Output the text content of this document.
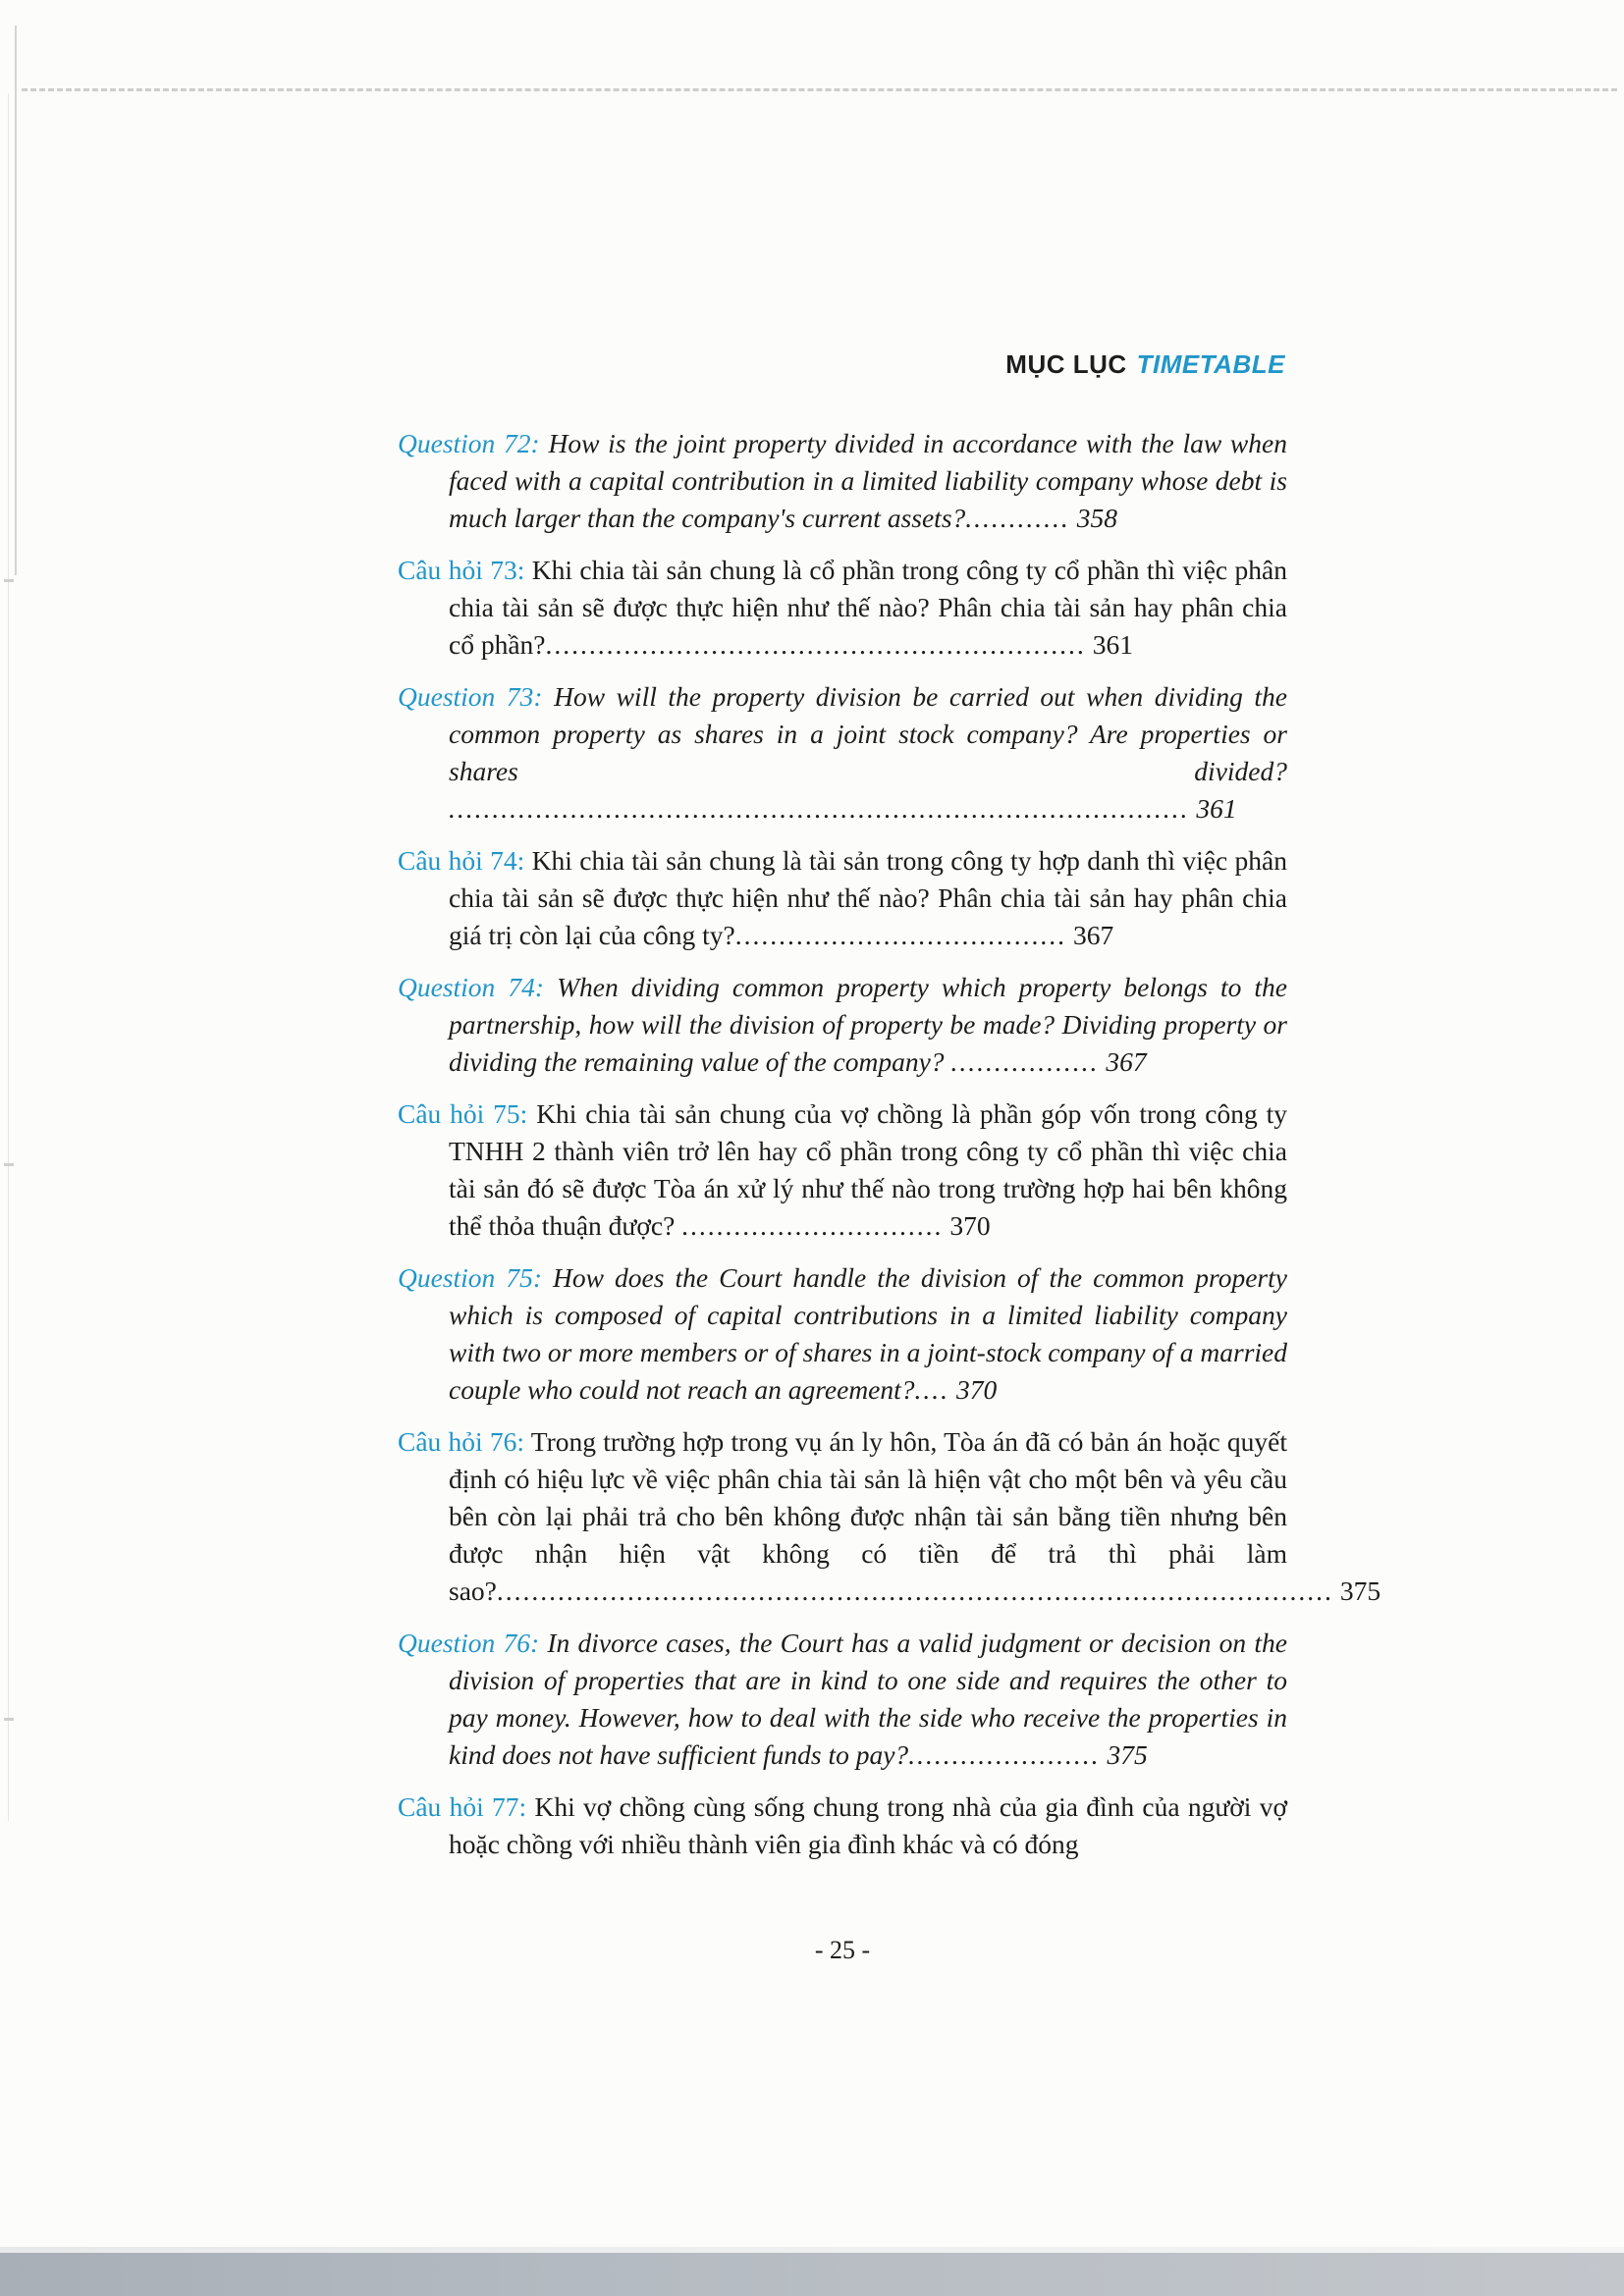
MỤC LỤC TIMETABLE

Question 72: How is the joint property divided in accordance with the law when faced with a capital contribution in a limited liability company whose debt is much larger than the company's current assets?............ 358

Câu hỏi 73: Khi chia tài sản chung là cổ phần trong công ty cổ phần thì việc phân chia tài sản sẽ được thực hiện như thế nào? Phân chia tài sản hay phân chia cổ phần?.............................................................. 361

Question 73: How will the property division be carried out when dividing the common property as shares in a joint stock company? Are properties or shares divided? ..................................................................................... 361

Câu hỏi 74: Khi chia tài sản chung là tài sản trong công ty hợp danh thì việc phân chia tài sản sẽ được thực hiện như thế nào? Phân chia tài sản hay phân chia giá trị còn lại của công ty?...................................... 367

Question 74: When dividing common property which property belongs to the partnership, how will the division of property be made? Dividing property or dividing the remaining value of the company? ................. 367

Câu hỏi 75: Khi chia tài sản chung của vợ chồng là phần góp vốn trong công ty TNHH 2 thành viên trở lên hay cổ phần trong công ty cổ phần thì việc chia tài sản đó sẽ được Tòa án xử lý như thế nào trong trường hợp hai bên không thể thỏa thuận được? .............................. 370

Question 75: How does the Court handle the division of the common property which is composed of capital contributions in a limited liability company with two or more members or of shares in a joint-stock company of a married couple who could not reach an agreement?.... 370

Câu hỏi 76: Trong trường hợp trong vụ án ly hôn, Tòa án đã có bản án hoặc quyết định có hiệu lực về việc phân chia tài sản là hiện vật cho một bên và yêu cầu bên còn lại phải trả cho bên không được nhận tài sản bằng tiền nhưng bên được nhận hiện vật không có tiền để trả thì phải làm sao?................................................................................................ 375

Question 76: In divorce cases, the Court has a valid judgment or decision on the division of properties that are in kind to one side and requires the other to pay money. However, how to deal with the side who receive the properties in kind does not have sufficient funds to pay?...................... 375

Câu hỏi 77: Khi vợ chồng cùng sống chung trong nhà của gia đình của người vợ hoặc chồng với nhiều thành viên gia đình khác và có đóng

- 25 -
